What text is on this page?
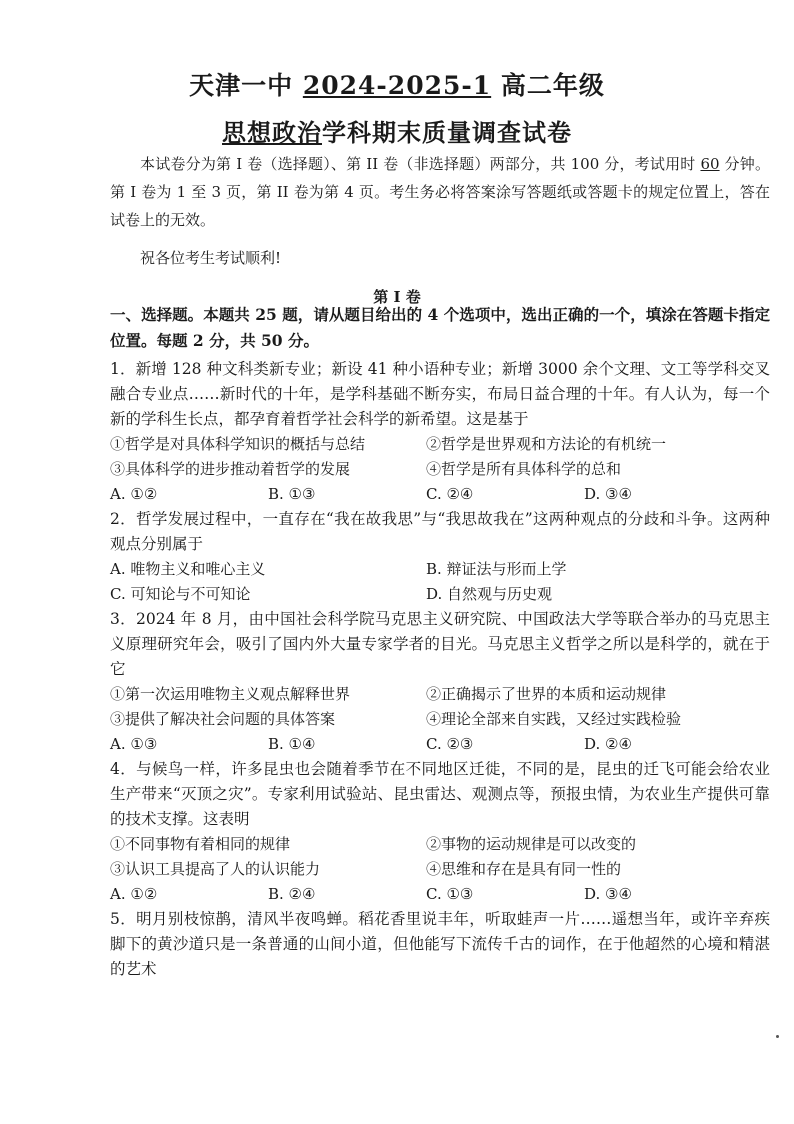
天津一中 2024-2025-1 高二年级
思想政治学科期末质量调查试卷
本试卷分为第 I 卷（选择题）、第 II 卷（非选择题）两部分，共 100 分，考试用时 60 分钟。第 I 卷为 1 至 3 页，第 II 卷为第 4 页。考生务必将答案涂写答题纸或答题卡的规定位置上，答在试卷上的无效。
祝各位考生考试顺利!
第 I 卷
一、选择题。本题共 25 题，请从题目给出的 4 个选项中，选出正确的一个，填涂在答题卡指定位置。每题 2 分，共 50 分。
1．新增 128 种文科类新专业；新设 41 种小语种专业；新增 3000 余个文理、文工等学科交叉融合专业点……新时代的十年，是学科基础不断夯实，布局日益合理的十年。有人认为，每一个新的学科生长点，都孕育着哲学社会科学的新希望。这是基于
①哲学是对具体科学知识的概括与总结	②哲学是世界观和方法论的有机统一
③具体科学的进步推动着哲学的发展	④哲学是所有具体科学的总和
A. ①②	B. ①③	C. ②④	D. ③④
2．哲学发展过程中，一直存在“我在故我思”与“我思故我在”这两种观点的分歧和斗争。这两种观点分别属于
A. 唯物主义和唯心主义	B. 辩证法与形而上学
C. 可知论与不可知论	D. 自然观与历史观
3．2024 年 8 月，由中国社会科学院马克思主义研究院、中国政法大学等联合举办的马克思主义原理研究年会，吸引了国内外大量专家学者的目光。马克思主义哲学之所以是科学的，就在于它
①第一次运用唯物主义观点解释世界	②正确揭示了世界的本质和运动规律
③提供了解决社会问题的具体答案	④理论全部来自实践，又经过实践检验
A. ①③	B. ①④	C. ②③	D. ②④
4．与候鸟一样，许多昆虫也会随着季节在不同地区迁徙，不同的是，昆虫的迁飞可能会给农业生产带来“灭顶之灾”。专家利用试验站、昆虫雷达、观测点等，预报虫情，为农业生产提供可靠的技术支撑。这表明
①不同事物有着相同的规律	②事物的运动规律是可以改变的
③认识工具提高了人的认识能力	④思维和存在是具有同一性的
A. ①②	B. ②④	C. ①③	D. ③④
5．明月别枝惊鹊，清风半夜鸣蝉。稻花香里说丰年，听取蛙声一片……遥想当年，或许辛弃疾脚下的黄沙道只是一条普通的山间小道，但他能写下流传千古的词作，在于他超然的心境和精湛的艺术
